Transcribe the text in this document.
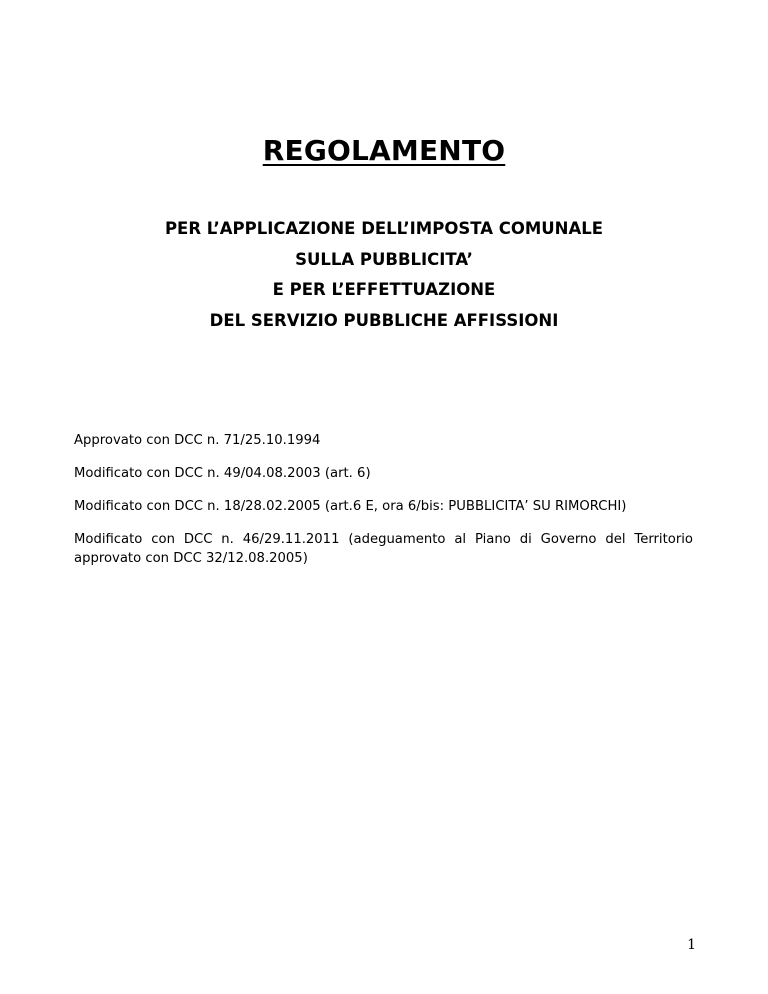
REGOLAMENTO
PER L’APPLICAZIONE DELL’IMPOSTA COMUNALE
SULLA PUBBLICITA’
E PER L’EFFETTUAZIONE
DEL SERVIZIO PUBBLICHE AFFISSIONI

Approvato con DCC n. 71/25.10.1994

Modificato con DCC n. 49/04.08.2003 (art. 6)

Modificato con DCC n. 18/28.02.2005 (art.6 E, ora 6/bis: PUBBLICITA’ SU RIMORCHI)

Modificato con DCC n. 46/29.11.2011 (adeguamento al Piano di Governo del Territorio approvato con DCC 32/12.08.2005)

1
